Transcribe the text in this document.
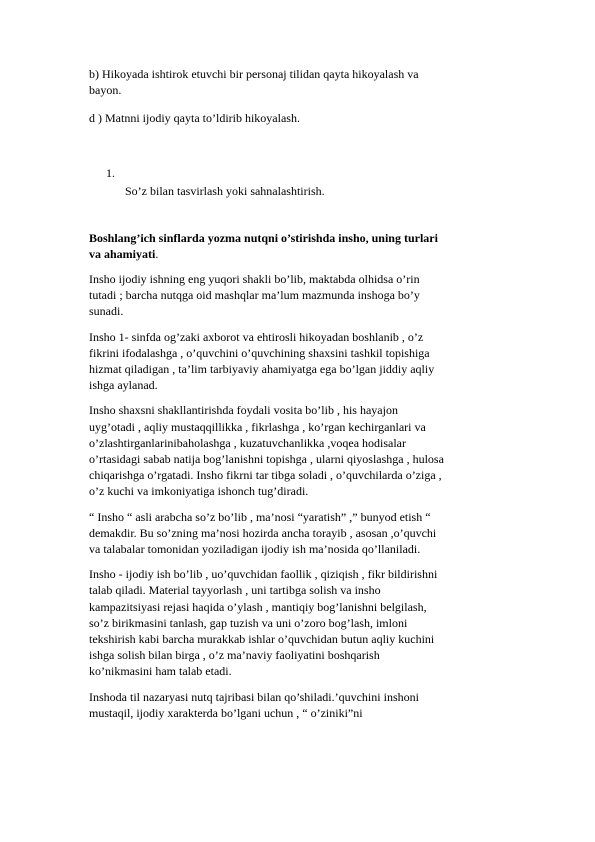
b) Hikoyada ishtirok etuvchi bir personaj tilidan qayta hikoyalash va
bayon.

d ) Matnni ijodiy qayta to’ldirib hikoyalash.

1.
So’z bilan tasvirlash yoki sahnalashtirish.

Boshlang’ich sinflarda yozma nutqni o’stirishda insho, uning turlari
va ahamiyati.

Insho ijodiy ishning eng yuqori shakli bo’lib, maktabda olhidsa o’rin
tutadi ; barcha nutqga oid mashqlar ma’lum mazmunda inshoga bo’y
sunadi.

Insho 1- sinfda og’zaki axborot va ehtirosli hikoyadan boshlanib , o’z
fikrini ifodalashga , o’quvchini o’quvchining shaxsini tashkil topishiga
hizmat qiladigan , ta’lim tarbiyaviy ahamiyatga ega bo’lgan jiddiy aqliy
ishga aylanad.

Insho shaxsni shakllantirishda foydali vosita bo’lib , his hayajon
uyg’otadi , aqliy mustaqqillikka , fikrlashga , ko’rgan kechirganlari va
o’zlashtirganlarinibaholashga , kuzatuvchanlikka ,voqea hodisalar
o’rtasidagi sabab natija bog’lanishni topishga , ularni qiyoslashga , hulosa
chiqarishga o’rgatadi. Insho fikrni tar tibga soladi , o’quvchilarda o’ziga ,
o’z kuchi va imkoniyatiga ishonch tug’diradi.

“ Insho “ asli arabcha so’z bo’lib , ma’nosi “yaratish” ,” bunyod etish “
demakdir. Bu so’zning ma’nosi hozirda ancha torayib , asosan ,o’quvchi
va talabalar tomonidan yoziladigan ijodiy ish ma’nosida qo’llaniladi.

Insho - ijodiy ish bo’lib , uo’quvchidan faollik , qiziqish , fikr bildirishni
talab qiladi. Material tayyorlash , uni tartibga solish va insho
kampazitsiyasi rejasi haqida o’ylash , mantiqiy bog’lanishni belgilash,
so’z birikmasini tanlash, gap tuzish va uni o’zoro bog’lash, imloni
tekshirish kabi barcha murakkab ishlar o’quvchidan butun aqliy kuchini
ishga solish bilan birga , o’z ma’naviy faoliyatini boshqarish
ko’nikmasini ham talab etadi.

Inshoda til nazaryasi nutq tajribasi bilan qo’shiladi.’quvchini inshoni
mustaqil, ijodiy xarakterda bo’lgani uchun , “ o’ziniki”ni
